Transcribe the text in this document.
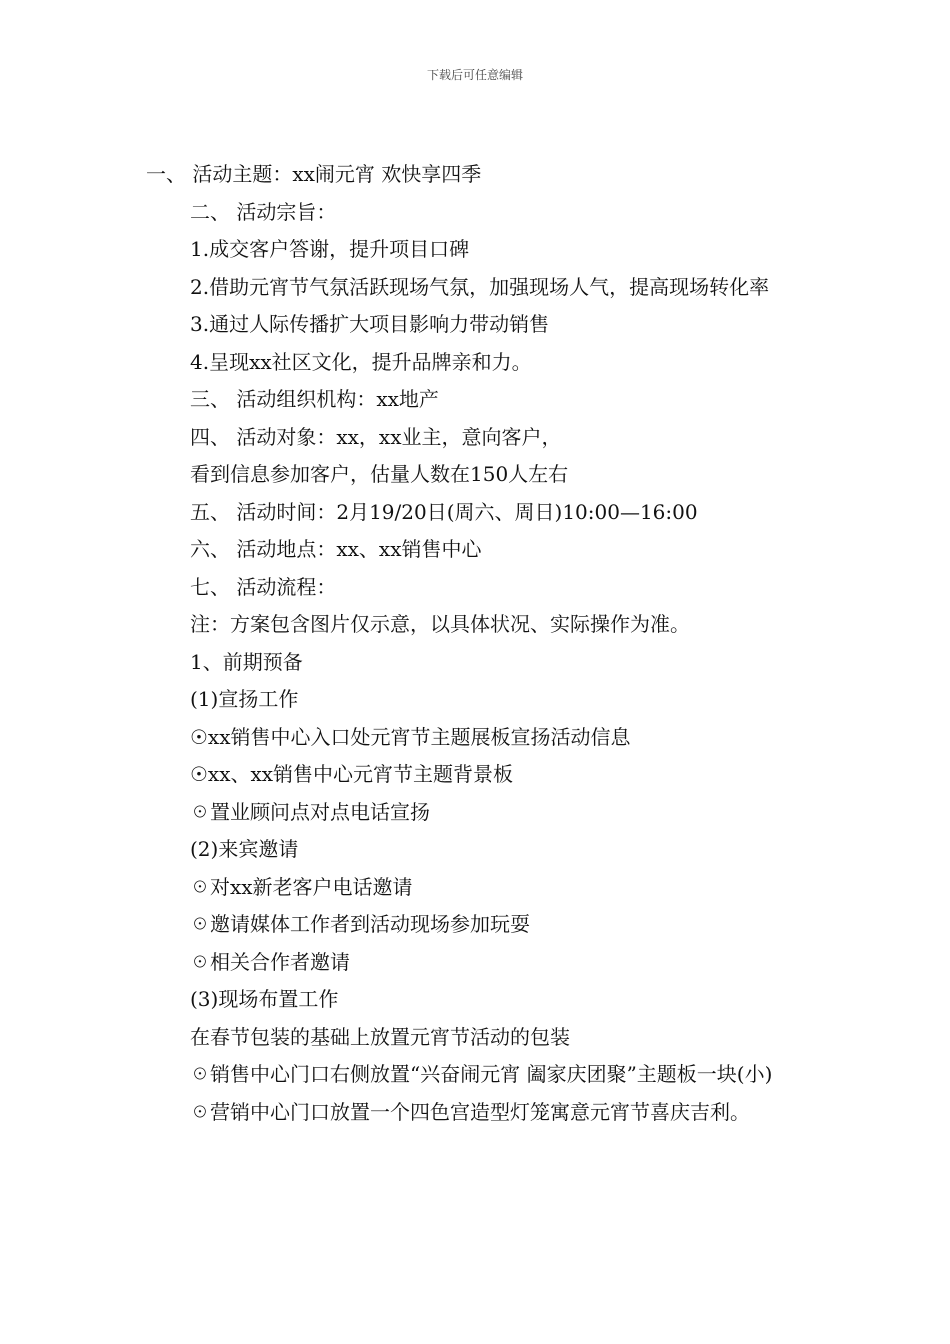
下载后可任意编辑

一、 活动主题：xx闹元宵 欢快享四季

二、 活动宗旨：

1.成交客户答谢，提升项目口碑

2.借助元宵节气氛活跃现场气氛，加强现场人气，提高现场转化率

3.通过人际传播扩大项目影响力带动销售

4.呈现xx社区文化，提升品牌亲和力。

三、 活动组织机构：xx地产

四、 活动对象：xx，xx业主，意向客户，

看到信息参加客户，估量人数在150人左右

五、 活动时间：2月19/20日(周六、周日)10:00—16:00

六、 活动地点：xx、xx销售中心

七、 活动流程：

注：方案包含图片仅示意，以具体状况、实际操作为准。

1、前期预备

(1)宣扬工作

☉xx销售中心入口处元宵节主题展板宣扬活动信息

☉xx、xx销售中心元宵节主题背景板

☉置业顾问点对点电话宣扬

(2)来宾邀请

☉对xx新老客户电话邀请

☉邀请媒体工作者到活动现场参加玩耍

☉相关合作者邀请

(3)现场布置工作

在春节包装的基础上放置元宵节活动的包装

☉销售中心门口右侧放置“兴奋闹元宵 阖家庆团聚”主题板一块(小)

☉营销中心门口放置一个四色宫造型灯笼寓意元宵节喜庆吉利。
